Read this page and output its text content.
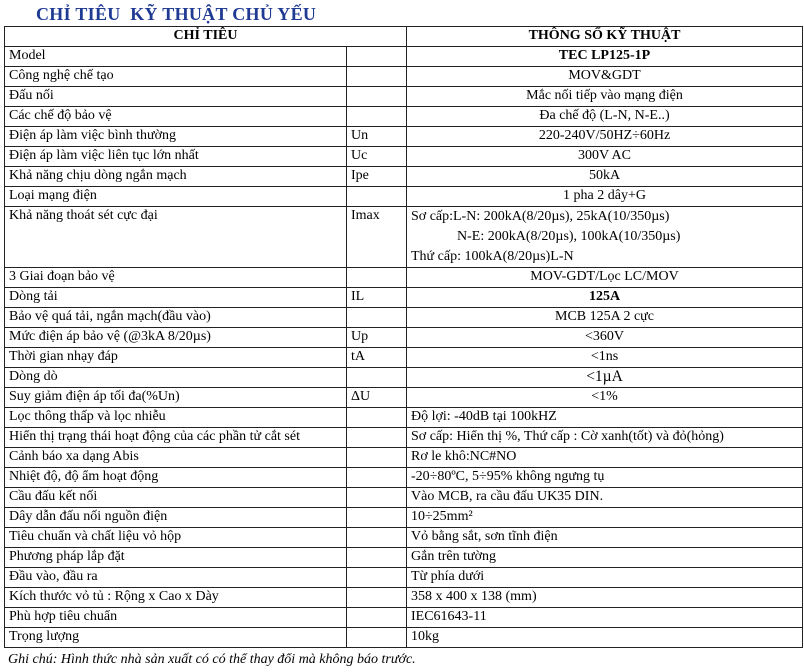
CHỈ TIÊU  KỸ THUẬT CHỦ YẾU
CHỈ TIÊU		THÔNG SỐ KỸ THUẬT
Model		TEC LP125-1P
Công nghệ chế tạo		MOV&GDT
Đấu nối		Mắc nối tiếp vào mạng điện
Các chế độ bảo vệ		Đa chế độ (L-N, N-E..)
Điện áp làm việc bình thường	Un	220-240V/50HZ÷60Hz
Điện áp làm việc liên tục lớn nhất	Uc	300V AC
Khả năng chịu dòng ngắn mạch	Ipe	50kA
Loại mạng điện		1 pha 2 dây+G
Khả năng thoát sét cực đại	Imax	Sơ cấp:L-N: 200kA(8/20µs), 25kA(10/350µs)
N-E: 200kA(8/20µs), 100kA(10/350µs)
Thứ cấp: 100kA(8/20µs)L-N

3 Giai đoạn bảo vệ		MOV-GDT/Lọc LC/MOV
Dòng tải	IL	125A
Bảo vệ quá tải, ngắn mạch(đầu vào)		MCB 125A 2 cực
Mức điện áp bảo vệ (@3kA 8/20µs)	Up	<360V
Thời gian nhạy đáp	tA	<1ns
Dòng dò		<1µA
Suy giảm điện áp tối đa(%Un)	ΔU	<1%
Lọc thông thấp và lọc nhiễu		Độ lợi: -40dB tại 100kHZ
Hiển thị trạng thái hoạt động của các phần tử cắt sét		Sơ cấp: Hiển thị %, Thứ cấp : Cờ xanh(tốt) và đỏ(hỏng)
Cảnh báo xa dạng Abis		Rơ le khô:NC#NO
Nhiệt độ, độ ẩm hoạt động		-20÷80ºC, 5÷95% không ngưng tụ
Cầu đấu kết nối		Vào MCB, ra cầu đấu UK35 DIN.
Dây dẫn đấu nối nguồn điện		10÷25mm²
Tiêu chuẩn và chất liệu vỏ hộp		Vỏ bằng sắt, sơn tĩnh điện
Phương pháp lắp đặt		Gắn trên tường
Đầu vào, đầu ra		Từ phía dưới
Kích thước vỏ tủ : Rộng x Cao x Dày		358 x 400 x 138 (mm)
Phù hợp tiêu chuẩn		IEC61643-11
Trọng lượng		10kg
Ghi chú: Hình thức nhà sản xuất có có thể thay đổi mà không báo trước.
